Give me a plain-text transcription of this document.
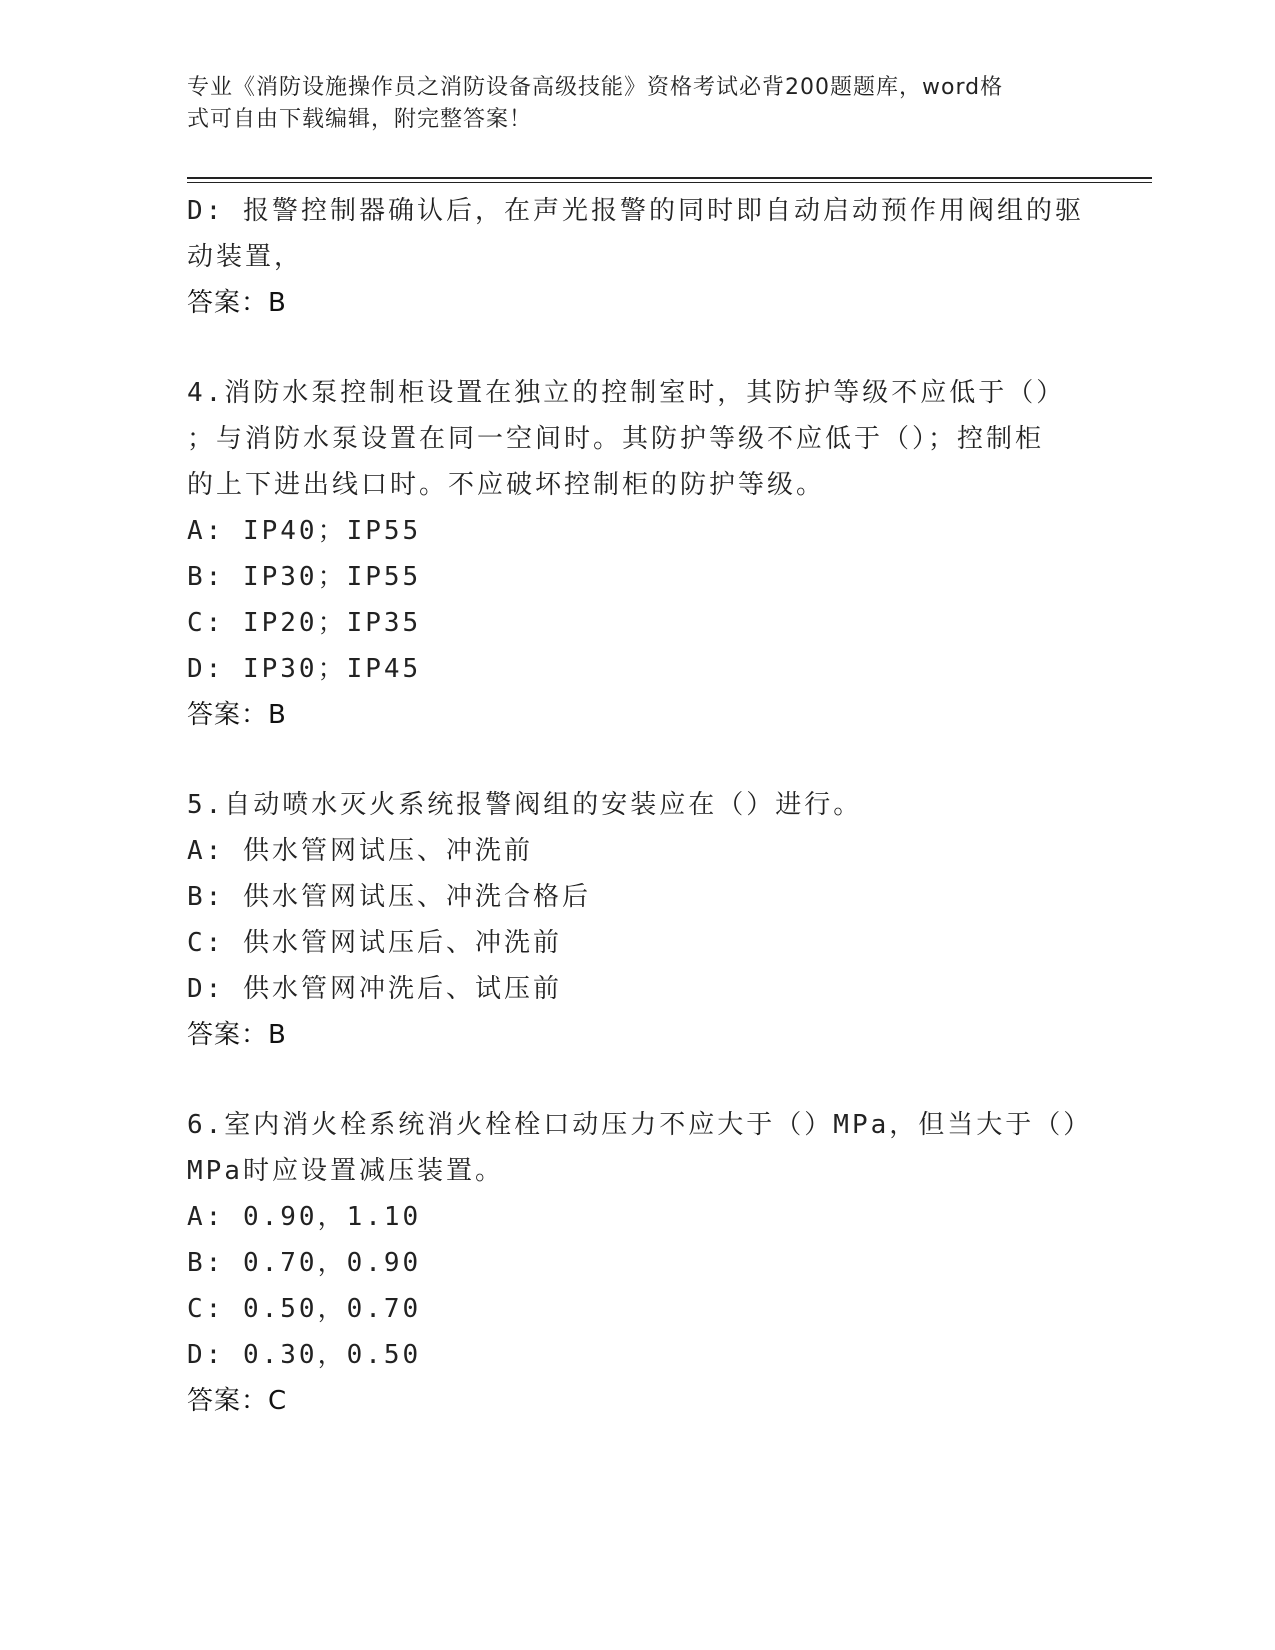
专业《消防设施操作员之消防设备高级技能》资格考试必背200题题库，word格
式可自由下载编辑，附完整答案！
D: 报警控制器确认后，在声光报警的同时即自动启动预作用阀组的驱
动装置，
答案：B
4.消防水泵控制柜设置在独立的控制室时，其防护等级不应低于（）
；与消防水泵设置在同一空间时。其防护等级不应低于（）；控制柜
的上下进出线口时。不应破坏控制柜的防护等级。
A: IP40；IP55
B: IP30；IP55
C: IP20；IP35
D: IP30；IP45
答案：B
5.自动喷水灭火系统报警阀组的安装应在（）进行。
A: 供水管网试压、冲洗前
B: 供水管网试压、冲洗合格后
C: 供水管网试压后、冲洗前
D: 供水管网冲洗后、试压前
答案：B
6.室内消火栓系统消火栓栓口动压力不应大于（）MPa，但当大于（）
MPa时应设置减压装置。
A: 0.90，1.10
B: 0.70，0.90
C: 0.50，0.70
D: 0.30，0.50
答案：C
